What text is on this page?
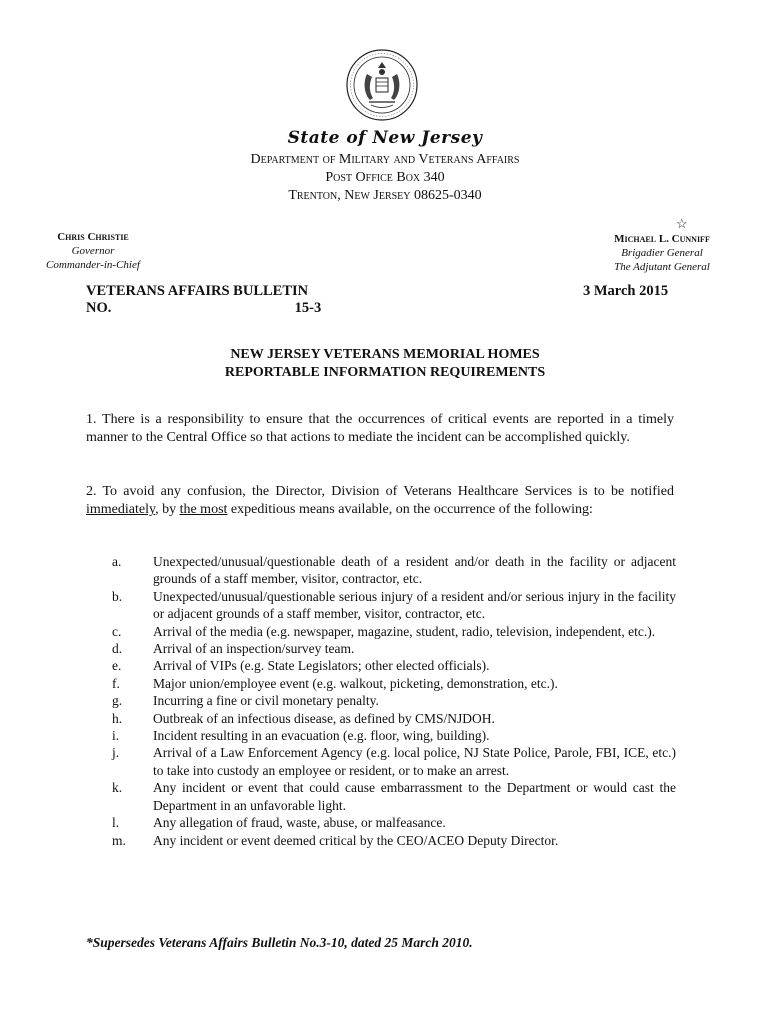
State of New Jersey
Department of Military and Veterans Affairs
Post Office Box 340
Trenton, New Jersey 08625-0340
☆
Chris Christie
Governor
Commander-in-Chief
Michael L. Cunniff
Brigadier General
The Adjutant General
VETERANS AFFAIRS BULLETIN
NO.	15-3
3 March 2015
NEW JERSEY VETERANS MEMORIAL HOMES
REPORTABLE INFORMATION REQUIREMENTS
1. There is a responsibility to ensure that the occurrences of critical events are reported in a timely manner to the Central Office so that actions to mediate the incident can be accomplished quickly.
2. To avoid any confusion, the Director, Division of Veterans Healthcare Services is to be notified immediately, by the most expeditious means available, on the occurrence of the following:
a.	Unexpected/unusual/questionable death of a resident and/or death in the facility or adjacent grounds of a staff member, visitor, contractor, etc.
b.	Unexpected/unusual/questionable serious injury of a resident and/or serious injury in the facility or adjacent grounds of a staff member, visitor, contractor, etc.
c.	Arrival of the media (e.g. newspaper, magazine, student, radio, television, independent, etc.).
d.	Arrival of an inspection/survey team.
e.	Arrival of VIPs (e.g. State Legislators; other elected officials).
f.	Major union/employee event (e.g. walkout, picketing, demonstration, etc.).
g.	Incurring a fine or civil monetary penalty.
h.	Outbreak of an infectious disease, as defined by CMS/NJDOH.
i.	Incident resulting in an evacuation (e.g. floor, wing, building).
j.	Arrival of a Law Enforcement Agency (e.g. local police, NJ State Police, Parole, FBI, ICE, etc.) to take into custody an employee or resident, or to make an arrest.
k.	Any incident or event that could cause embarrassment to the Department or would cast the Department in an unfavorable light.
l.	Any allegation of fraud, waste, abuse, or malfeasance.
m.	Any incident or event deemed critical by the CEO/ACEO Deputy Director.
*Supersedes Veterans Affairs Bulletin No.3-10, dated 25 March 2010.
